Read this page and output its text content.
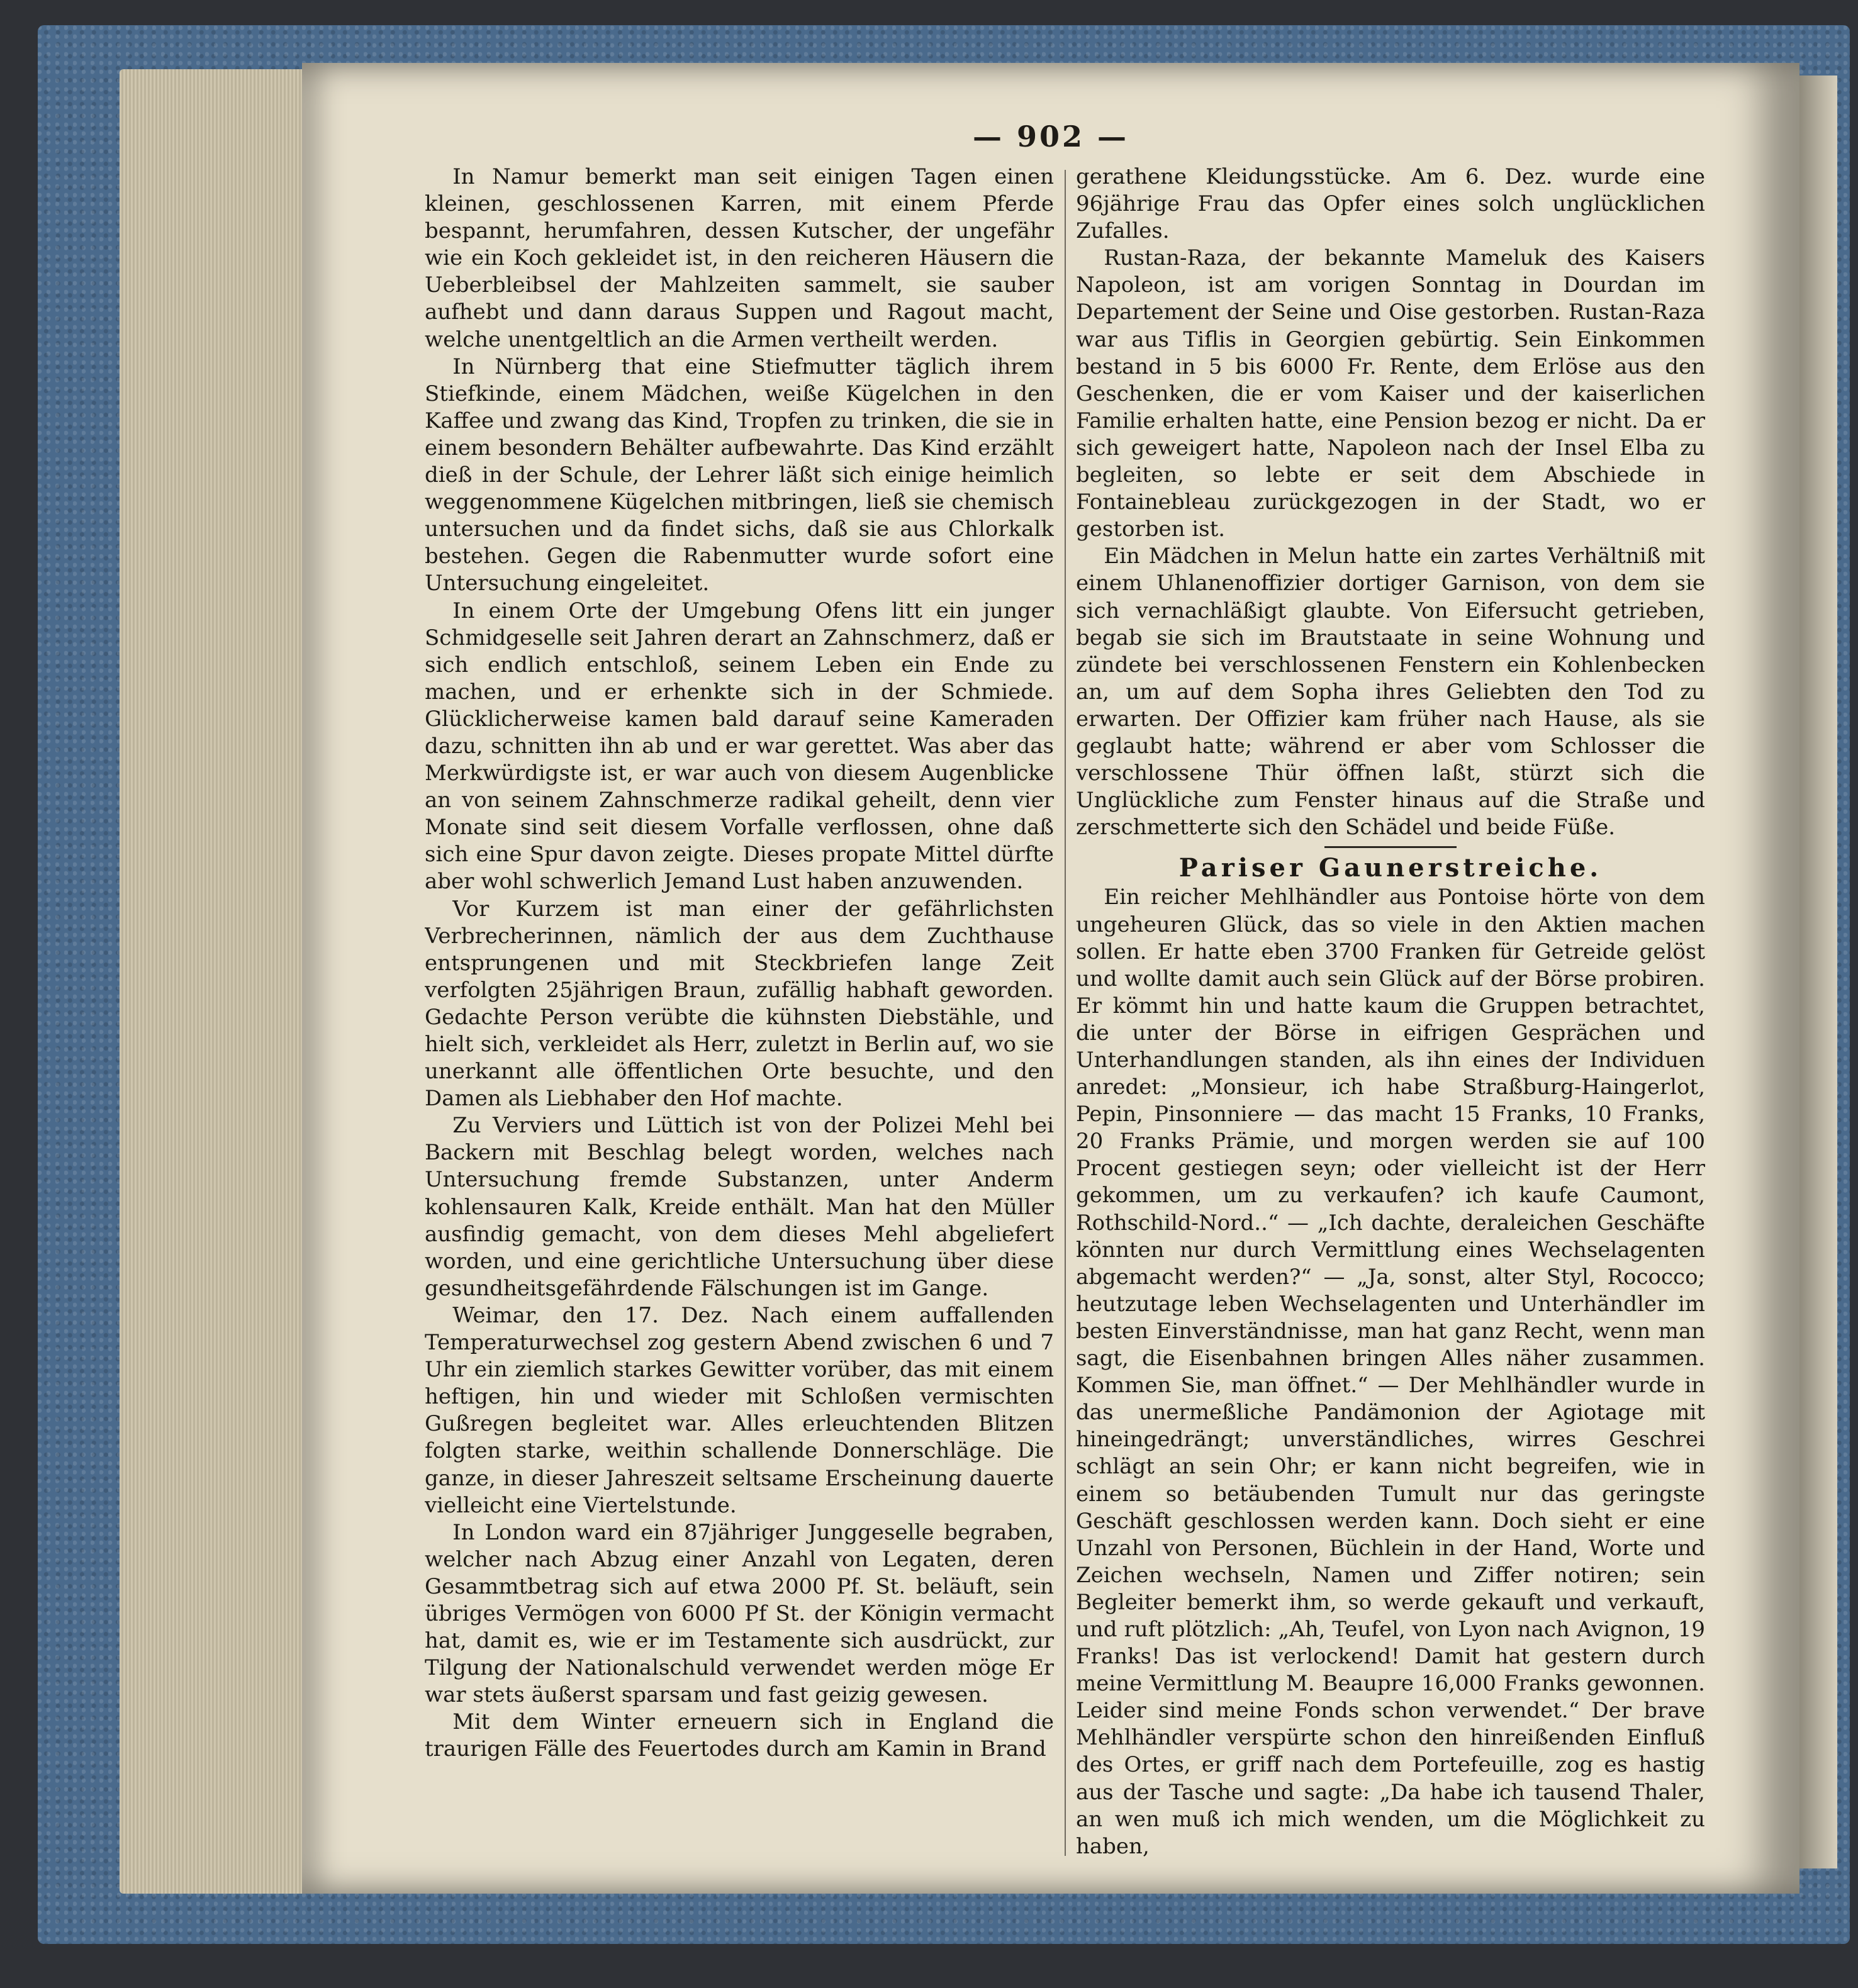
— 902 —

In Namur bemerkt man seit einigen Tagen einen kleinen, geschlossenen Karren, mit einem Pferde bespannt, herumfahren, dessen Kutscher, der ungefähr wie ein Koch gekleidet ist, in den reicheren Häusern die Ueberbleibsel der Mahlzeiten sammelt, sie sauber aufhebt und dann daraus Suppen und Ragout macht, welche unentgeltlich an die Armen vertheilt werden.

In Nürnberg that eine Stiefmutter täglich ihrem Stiefkinde, einem Mädchen, weiße Kügelchen in den Kaffee und zwang das Kind, Tropfen zu trinken, die sie in einem besondern Behälter aufbewahrte. Das Kind erzählt dieß in der Schule, der Lehrer läßt sich einige heimlich weggenommene Kügelchen mitbringen, ließ sie chemisch untersuchen und da findet sichs, daß sie aus Chlorkalk bestehen. Gegen die Rabenmutter wurde sofort eine Untersuchung eingeleitet.

In einem Orte der Umgebung Ofens litt ein junger Schmidgeselle seit Jahren derart an Zahnschmerz, daß er sich endlich entschloß, seinem Leben ein Ende zu machen, und er erhenkte sich in der Schmiede. Glücklicherweise kamen bald darauf seine Kameraden dazu, schnitten ihn ab und er war gerettet. Was aber das Merkwürdigste ist, er war auch von diesem Augenblicke an von seinem Zahnschmerze radikal geheilt, denn vier Monate sind seit diesem Vorfalle verflossen, ohne daß sich eine Spur davon zeigte. Dieses propate Mittel dürfte aber wohl schwerlich Jemand Lust haben anzuwenden.

Vor Kurzem ist man einer der gefährlichsten Verbrecherinnen, nämlich der aus dem Zuchthause entsprungenen und mit Steckbriefen lange Zeit verfolgten 25jährigen Braun, zufällig habhaft geworden. Gedachte Person verübte die kühnsten Diebstähle, und hielt sich, verkleidet als Herr, zuletzt in Berlin auf, wo sie unerkannt alle öffentlichen Orte besuchte, und den Damen als Liebhaber den Hof machte.

Zu Verviers und Lüttich ist von der Polizei Mehl bei Backern mit Beschlag belegt worden, welches nach Untersuchung fremde Substanzen, unter Anderm kohlensauren Kalk, Kreide enthält. Man hat den Müller ausfindig gemacht, von dem dieses Mehl abgeliefert worden, und eine gerichtliche Untersuchung über diese gesundheitsgefährdende Fälschungen ist im Gange.

Weimar, den 17. Dez. Nach einem auffallenden Temperaturwechsel zog gestern Abend zwischen 6 und 7 Uhr ein ziemlich starkes Gewitter vorüber, das mit einem heftigen, hin und wieder mit Schloßen vermischten Gußregen begleitet war. Alles erleuchtenden Blitzen folgten starke, weithin schallende Donnerschläge. Die ganze, in dieser Jahreszeit seltsame Erscheinung dauerte vielleicht eine Viertelstunde.

In London ward ein 87jähriger Junggeselle begraben, welcher nach Abzug einer Anzahl von Legaten, deren Gesammtbetrag sich auf etwa 2000 Pf. St. beläuft, sein übriges Vermögen von 6000 Pf St. der Königin vermacht hat, damit es, wie er im Testamente sich ausdrückt, zur Tilgung der Nationalschuld verwendet werden möge Er war stets äußerst sparsam und fast geizig gewesen.

Mit dem Winter erneuern sich in England die traurigen Fälle des Feuertodes durch am Kamin in Brand

gerathene Kleidungsstücke. Am 6. Dez. wurde eine 96jährige Frau das Opfer eines solch unglücklichen Zufalles.

Rustan-Raza, der bekannte Mameluk des Kaisers Napoleon, ist am vorigen Sonntag in Dourdan im Departement der Seine und Oise gestorben. Rustan-Raza war aus Tiflis in Georgien gebürtig. Sein Einkommen bestand in 5 bis 6000 Fr. Rente, dem Erlöse aus den Geschenken, die er vom Kaiser und der kaiserlichen Familie erhalten hatte, eine Pension bezog er nicht. Da er sich geweigert hatte, Napoleon nach der Insel Elba zu begleiten, so lebte er seit dem Abschiede in Fontainebleau zurückgezogen in der Stadt, wo er gestorben ist.

Ein Mädchen in Melun hatte ein zartes Verhältniß mit einem Uhlanenoffizier dortiger Garnison, von dem sie sich vernachläßigt glaubte. Von Eifersucht getrieben, begab sie sich im Brautstaate in seine Wohnung und zündete bei verschlossenen Fenstern ein Kohlenbecken an, um auf dem Sopha ihres Geliebten den Tod zu erwarten. Der Offizier kam früher nach Hause, als sie geglaubt hatte; während er aber vom Schlosser die verschlossene Thür öffnen laßt, stürzt sich die Unglückliche zum Fenster hinaus auf die Straße und zerschmetterte sich den Schädel und beide Füße.

Pariser Gaunerstreiche.

Ein reicher Mehlhändler aus Pontoise hörte von dem ungeheuren Glück, das so viele in den Aktien machen sollen. Er hatte eben 3700 Franken für Getreide gelöst und wollte damit auch sein Glück auf der Börse probiren. Er kömmt hin und hatte kaum die Gruppen betrachtet, die unter der Börse in eifrigen Gesprächen und Unterhandlungen standen, als ihn eines der Individuen anredet: „Monsieur, ich habe Straßburg-Haingerlot, Pepin, Pinsonniere — das macht 15 Franks, 10 Franks, 20 Franks Prämie, und morgen werden sie auf 100 Procent gestiegen seyn; oder vielleicht ist der Herr gekommen, um zu verkaufen? ich kaufe Caumont, Rothschild-Nord..“ — „Ich dachte, deraleichen Geschäfte könnten nur durch Vermittlung eines Wechselagenten abgemacht werden?“ — „Ja, sonst, alter Styl, Rococco; heutzutage leben Wechselagenten und Unterhändler im besten Einverständnisse, man hat ganz Recht, wenn man sagt, die Eisenbahnen bringen Alles näher zusammen. Kommen Sie, man öffnet.“ — Der Mehlhändler wurde in das unermeßliche Pandämonion der Agiotage mit hineingedrängt; unverständliches, wirres Geschrei schlägt an sein Ohr; er kann nicht begreifen, wie in einem so betäubenden Tumult nur das geringste Geschäft geschlossen werden kann. Doch sieht er eine Unzahl von Personen, Büchlein in der Hand, Worte und Zeichen wechseln, Namen und Ziffer notiren; sein Begleiter bemerkt ihm, so werde gekauft und verkauft, und ruft plötzlich: „Ah, Teufel, von Lyon nach Avignon, 19 Franks! Das ist verlockend! Damit hat gestern durch meine Vermittlung M. Beaupre 16,000 Franks gewonnen. Leider sind meine Fonds schon verwendet.“ Der brave Mehlhändler verspürte schon den hinreißenden Einfluß des Ortes, er griff nach dem Portefeuille, zog es hastig aus der Tasche und sagte: „Da habe ich tausend Thaler, an wen muß ich mich wenden, um die Möglichkeit zu haben,
